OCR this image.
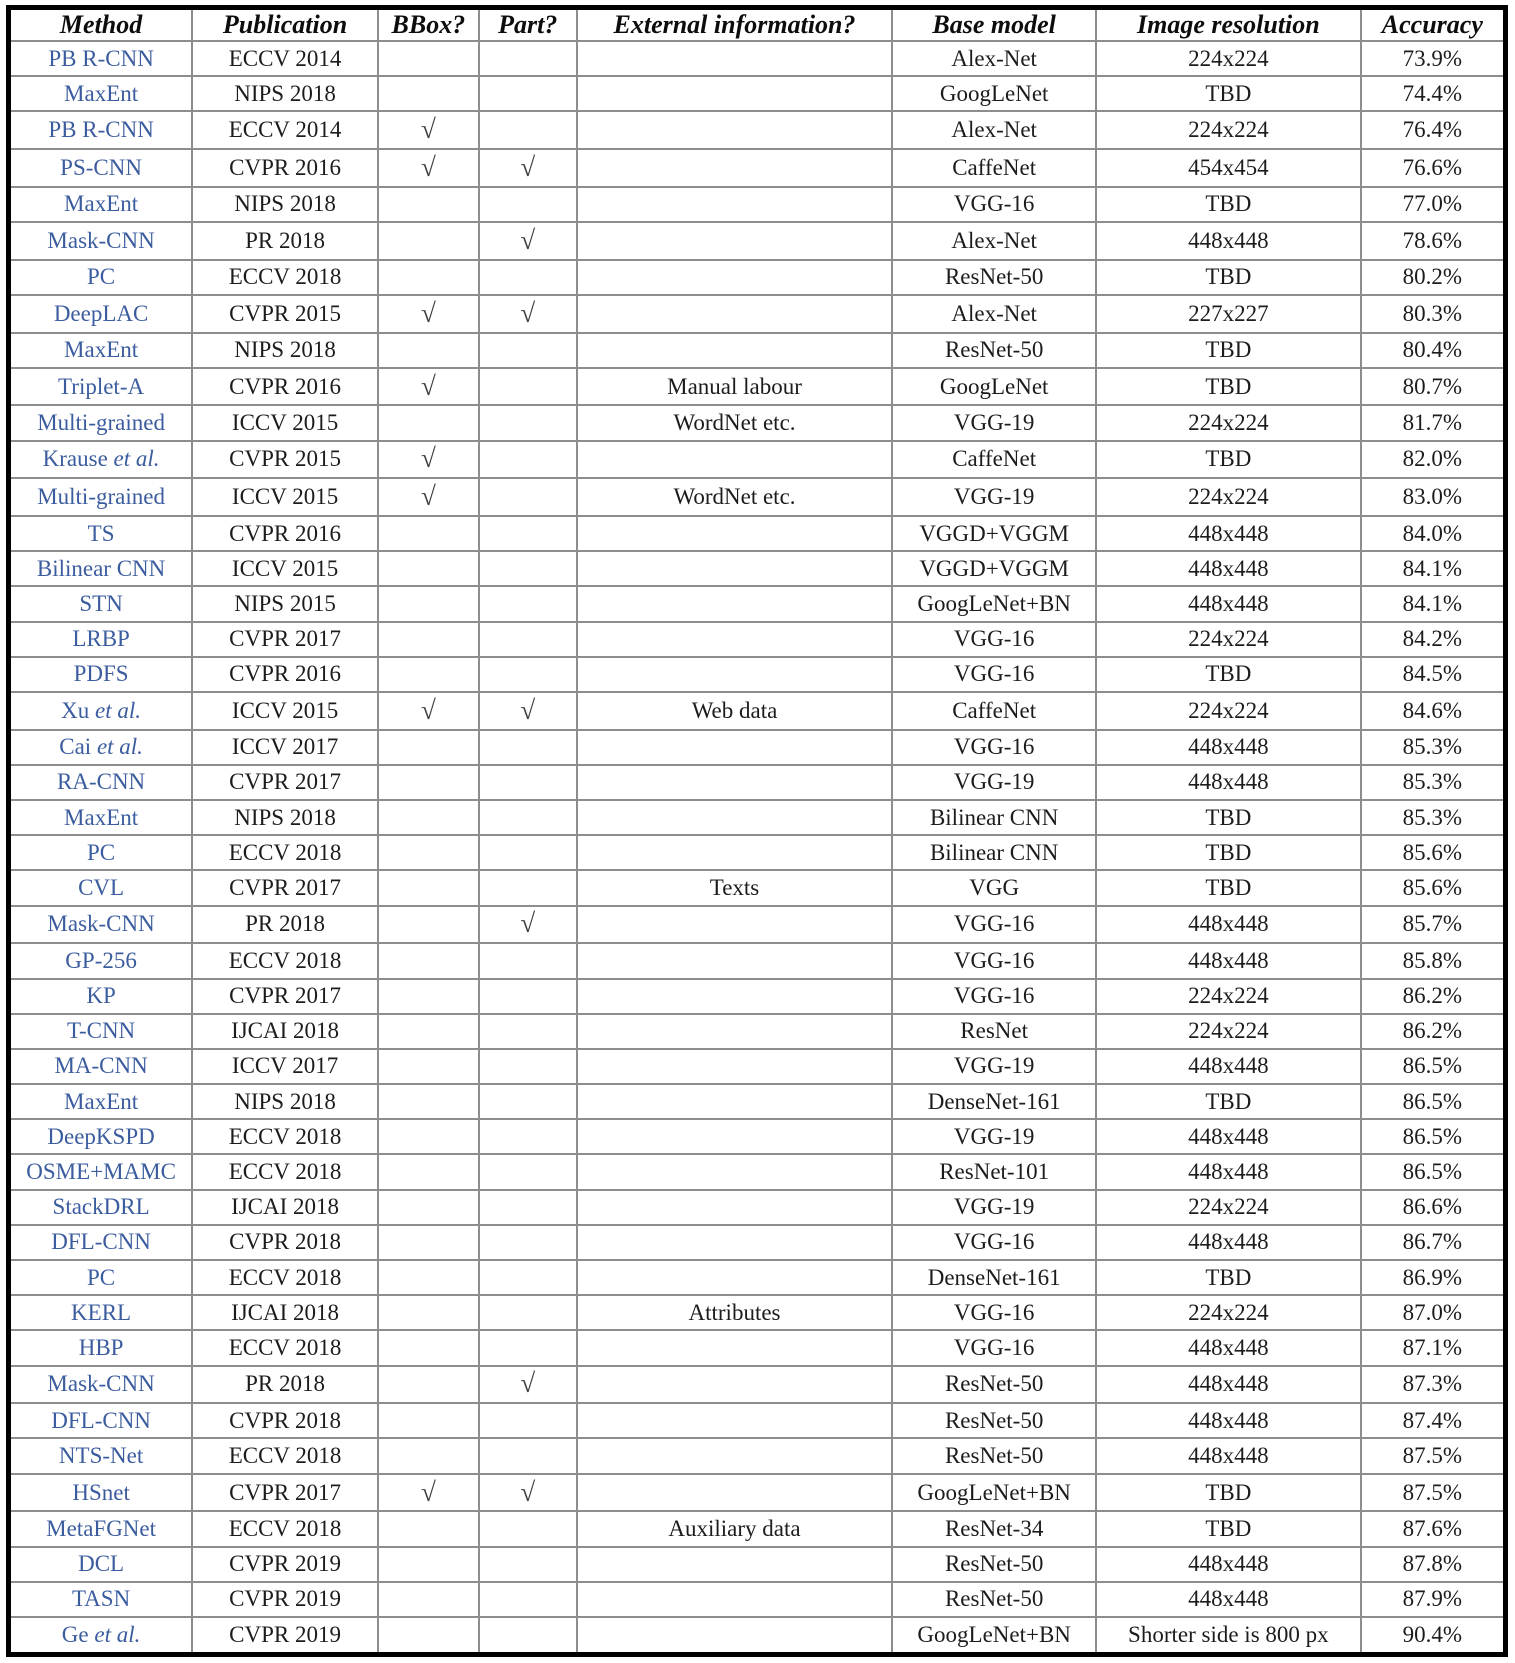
Method	Publication	BBox?	Part?	External information?	Base model	Image resolution	Accuracy
PB R-CNN	ECCV 2014				Alex-Net	224x224	73.9%
MaxEnt	NIPS 2018				GoogLeNet	TBD	74.4%
PB R-CNN	ECCV 2014	√			Alex-Net	224x224	76.4%
PS-CNN	CVPR 2016	√	√		CaffeNet	454x454	76.6%
MaxEnt	NIPS 2018				VGG-16	TBD	77.0%
Mask-CNN	PR 2018		√		Alex-Net	448x448	78.6%
PC	ECCV 2018				ResNet-50	TBD	80.2%
DeepLAC	CVPR 2015	√	√		Alex-Net	227x227	80.3%
MaxEnt	NIPS 2018				ResNet-50	TBD	80.4%
Triplet-A	CVPR 2016	√		Manual labour	GoogLeNet	TBD	80.7%
Multi-grained	ICCV 2015			WordNet etc.	VGG-19	224x224	81.7%
Krause et al.	CVPR 2015	√			CaffeNet	TBD	82.0%
Multi-grained	ICCV 2015	√		WordNet etc.	VGG-19	224x224	83.0%
TS	CVPR 2016				VGGD+VGGM	448x448	84.0%
Bilinear CNN	ICCV 2015				VGGD+VGGM	448x448	84.1%
STN	NIPS 2015				GoogLeNet+BN	448x448	84.1%
LRBP	CVPR 2017				VGG-16	224x224	84.2%
PDFS	CVPR 2016				VGG-16	TBD	84.5%
Xu et al.	ICCV 2015	√	√	Web data	CaffeNet	224x224	84.6%
Cai et al.	ICCV 2017				VGG-16	448x448	85.3%
RA-CNN	CVPR 2017				VGG-19	448x448	85.3%
MaxEnt	NIPS 2018				Bilinear CNN	TBD	85.3%
PC	ECCV 2018				Bilinear CNN	TBD	85.6%
CVL	CVPR 2017			Texts	VGG	TBD	85.6%
Mask-CNN	PR 2018		√		VGG-16	448x448	85.7%
GP-256	ECCV 2018				VGG-16	448x448	85.8%
KP	CVPR 2017				VGG-16	224x224	86.2%
T-CNN	IJCAI 2018				ResNet	224x224	86.2%
MA-CNN	ICCV 2017				VGG-19	448x448	86.5%
MaxEnt	NIPS 2018				DenseNet-161	TBD	86.5%
DeepKSPD	ECCV 2018				VGG-19	448x448	86.5%
OSME+MAMC	ECCV 2018				ResNet-101	448x448	86.5%
StackDRL	IJCAI 2018				VGG-19	224x224	86.6%
DFL-CNN	CVPR 2018				VGG-16	448x448	86.7%
PC	ECCV 2018				DenseNet-161	TBD	86.9%
KERL	IJCAI 2018			Attributes	VGG-16	224x224	87.0%
HBP	ECCV 2018				VGG-16	448x448	87.1%
Mask-CNN	PR 2018		√		ResNet-50	448x448	87.3%
DFL-CNN	CVPR 2018				ResNet-50	448x448	87.4%
NTS-Net	ECCV 2018				ResNet-50	448x448	87.5%
HSnet	CVPR 2017	√	√		GoogLeNet+BN	TBD	87.5%
MetaFGNet	ECCV 2018			Auxiliary data	ResNet-34	TBD	87.6%
DCL	CVPR 2019				ResNet-50	448x448	87.8%
TASN	CVPR 2019				ResNet-50	448x448	87.9%
Ge et al.	CVPR 2019				GoogLeNet+BN	Shorter side is 800 px	90.4%
